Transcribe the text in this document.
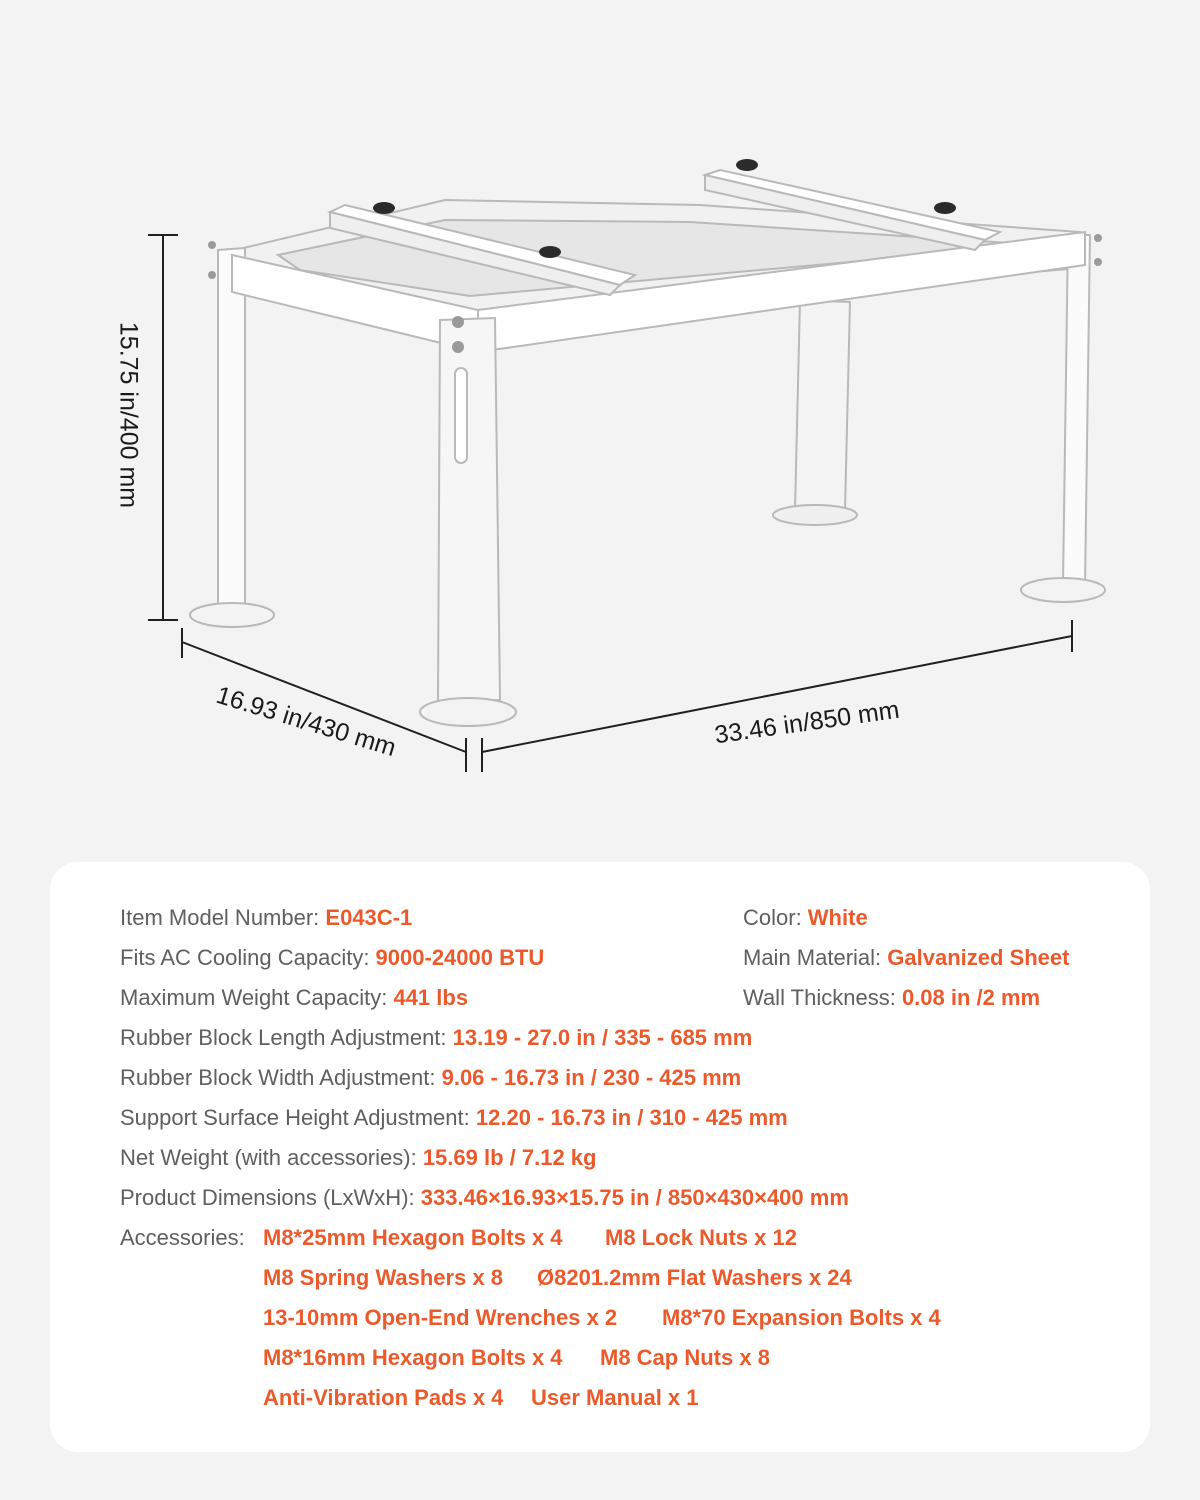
15.75 in/400 mm
16.93 in/430 mm	33.46 in/850 mm
Item Model Number: E043C-1
Fits AC Cooling Capacity: 9000-24000 BTU
Maximum Weight Capacity: 441 lbs
Color: White
Main Material: Galvanized Sheet
Wall Thickness: 0.08 in /2 mm
Rubber Block Length Adjustment: 13.19 - 27.0 in / 335 - 685 mm
Rubber Block Width Adjustment: 9.06 - 16.73 in / 230 - 425 mm
Support Surface Height Adjustment: 12.20 - 16.73 in / 310 - 425 mm
Net Weight (with accessories): 15.69 lb / 7.12 kg
Product Dimensions (LxWxH): 333.46×16.93×15.75 in / 850×430×400 mm
Accessories: M8*25mm Hexagon Bolts x 4 M8 Lock Nuts x 12
M8 Spring Washers x 8 Ø8201.2mm Flat Washers x 24
13-10mm Open-End Wrenches x 2 M8*70 Expansion Bolts x 4
M8*16mm Hexagon Bolts x 4 M8 Cap Nuts x 8
Anti-Vibration Pads x 4 User Manual x 1
